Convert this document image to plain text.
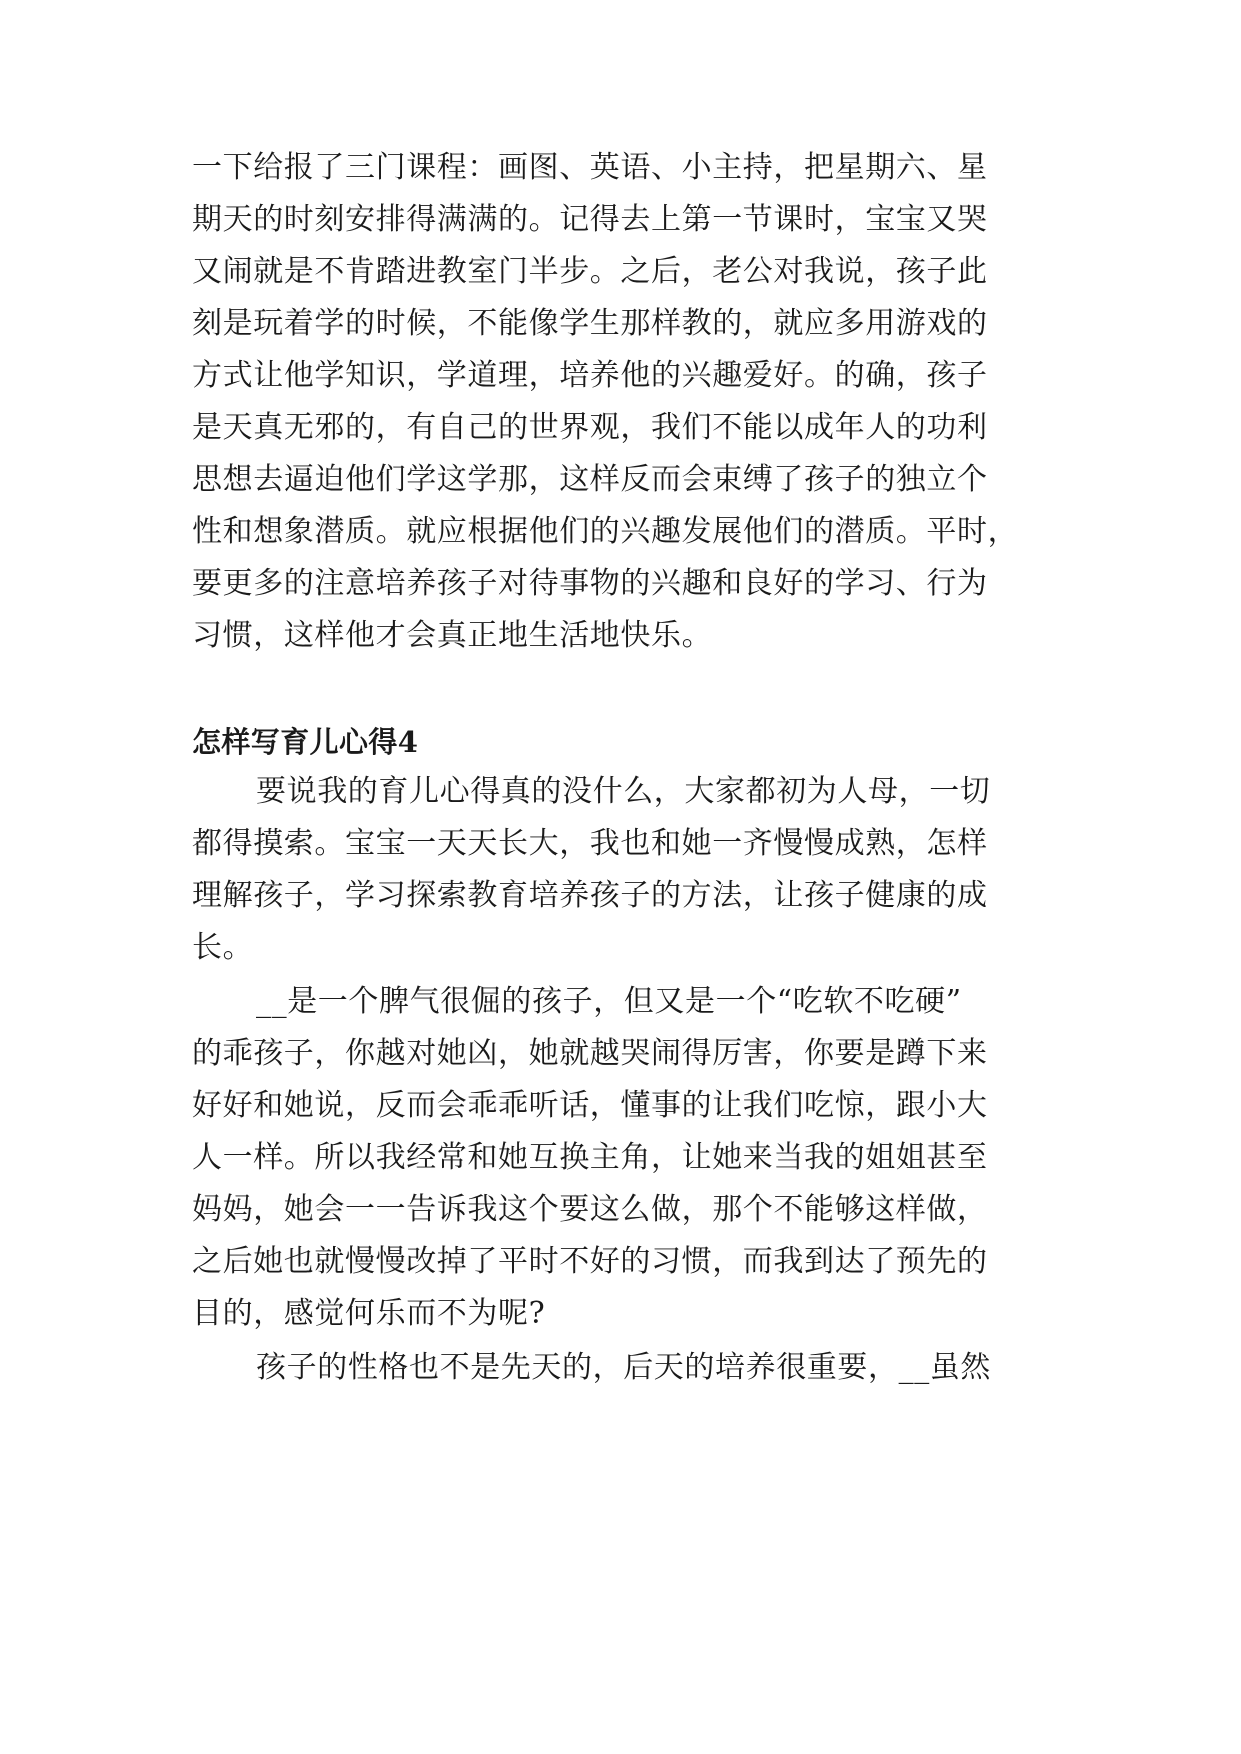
一下给报了三门课程：画图、英语、小主持，把星期六、星

期天的时刻安排得满满的。记得去上第一节课时，宝宝又哭

又闹就是不肯踏进教室门半步。之后，老公对我说，孩子此

刻是玩着学的时候，不能像学生那样教的，就应多用游戏的

方式让他学知识，学道理，培养他的兴趣爱好。的确，孩子

是天真无邪的，有自己的世界观，我们不能以成年人的功利

思想去逼迫他们学这学那，这样反而会束缚了孩子的独立个

性和想象潜质。就应根据他们的兴趣发展他们的潜质。平时，

要更多的注意培养孩子对待事物的兴趣和良好的学习、行为

习惯，这样他才会真正地生活地快乐。

怎样写育儿心得4

要说我的育儿心得真的没什么，大家都初为人母，一切

都得摸索。宝宝一天天长大，我也和她一齐慢慢成熟，怎样

理解孩子，学习探索教育培养孩子的方法，让孩子健康的成

长。

__是一个脾气很倔的孩子，但又是一个“吃软不吃硬”

的乖孩子，你越对她凶，她就越哭闹得厉害，你要是蹲下来

好好和她说，反而会乖乖听话，懂事的让我们吃惊，跟小大

人一样。所以我经常和她互换主角，让她来当我的姐姐甚至

妈妈，她会一一告诉我这个要这么做，那个不能够这样做，

之后她也就慢慢改掉了平时不好的习惯，而我到达了预先的

目的，感觉何乐而不为呢?

孩子的性格也不是先天的，后天的培养很重要，__虽然
